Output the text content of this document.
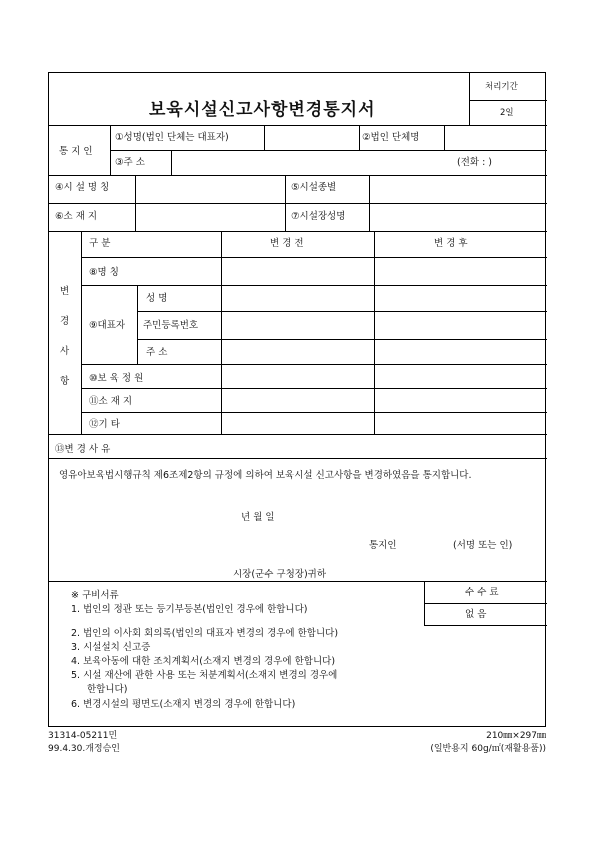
보육시설신고사항변경통지서
처리기간
2일
통 지 인
①성명(법인 단체는 대표자)	②법인 단체명
③주 소	(전화 : )
④시 설 명 칭	⑤시설종별
⑥소 재 지	⑦시설장성명
변
경
사
항
구 분	변 경 전	변 경 후
⑧명 칭
⑨대표자
성 명
주민등록번호
주 소
⑩보 육 정 원
⑪소 재 지
⑫기 타
⑬변 경 사 유
영유아보육법시행규칙 제6조제2항의 규정에 의하여 보육시설 신고사항을 변경하였음을 통지합니다.
년 월 일
통지인	(서명 또는 인)
시장(군수 구청장)귀하
※ 구비서류
1. 법인의 정관 또는 등기부등본(법인인 경우에 한합니다)
2. 법인의 이사회 회의록(법인의 대표자 변경의 경우에 한합니다)
3. 시설설치 신고증
4. 보육아동에 대한 조치계획서(소재지 변경의 경우에 한합니다)
5. 시설 재산에 관한 사용 또는 처분계획서(소재지 변경의 경우에
한합니다)
6. 변경시설의 평면도(소재지 변경의 경우에 한합니다)
수 수 료
없 음
31314-05211민
99.4.30.개정승인
210㎜×297㎜
(일반용지 60g/㎡(재활용품))
